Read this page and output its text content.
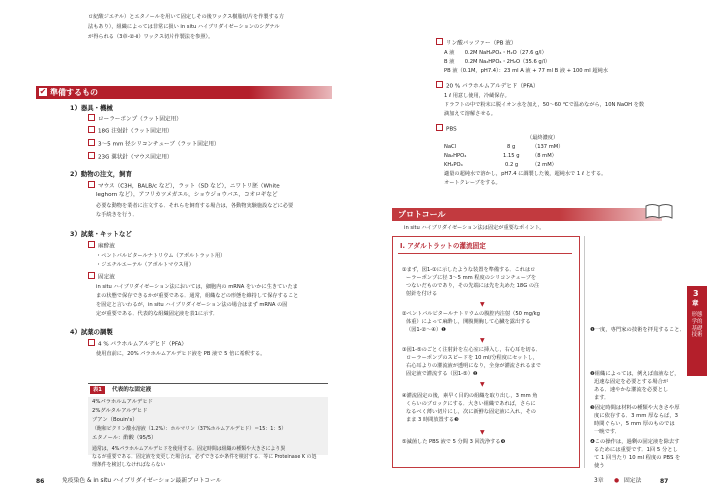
ロ紀酸ジエチル）とエタノールを用いて固定しその後ワックス樹脂切片を作製する方
法もあり），組織によっては非常に扱い in situ ハイブリダイゼーションのシグナル
が得られる（3章-②-ⅱ）ワックス切片作製法を参照）。
✔ 準備するもの
1）器具・機械
ローラーポンプ（ラット固定用）
18G 注射針（ラット固定用）
3～5 mm 径シリコンチューブ（ラット固定用）
23G 翼状針（マウス固定用）
2）動物の注文，飼育
マウス（C3H，BALB/c など），ラット（SD など），ニワトリ胚（White
leghorn など），アフリカツメガエル，ショウジョウバエ，コオロギなど
必要な動物を業者に注文する．それらを飼育する場合は，各動物実験施設などに必要
な手続きを行う．
3）試薬・キットなど
麻酔液
・ペントバルビタールナトリウム（アボルトラット用）
・ジエチルエーテル（アボルトマウス用）
固定液
in situ ハイブリダイゼーション法においては，細胞内の mRNA をいかに生きていたま
まの状態で保存できるかが重要である．通常，組織などの形態を維持して保存すること
を固定と言いわるが，in situ ハイブリダイゼーション法の場合はまず mRNA の固
定が重要である．代表的な組織固定液を表1に示す．
4）試薬の調製
4 % パラホルムアルデヒド（PFA）
使用直前に，20% パラホルムアルデヒド液を PB 液で 5 倍に希釈する。
表1	代表的な固定液
4%パラホルムアルデヒド
2%グルタルアルデヒド
ブアン（Bouin's）
（飽和ピクリン酸水溶液（1.2%）：ホルマリン（37%ホルムアルデヒド）＝15：1：5）
エタノール：酢酸（95/5）
通常は，4%パラホルムアルデヒドを使用する．固定時間は組織の種類や大きさにより異
なるが重要である．固定液を変更した場合は，必ずできるか条件を検討する．等に Proteinase K の処
理条件を検討しなければならない
86	免疫染色 & in situ ハイブリダイゼーション最新プロトコール
リン酸バッファー（PB 液）
A 液　　0.2M NaH₂PO₄・H₂O（27.6 g/l）
B 液　　0.2M Na₂HPO₄・2H₂O（35.6 g/l）
PB 液（0.1M，pH7.4）：23 ml A 液 + 77 ml B 液 + 100 ml 超純水
20 % パラホルムアルデヒド（PFA）
1 ℓ 用意し使用，冷蔵保存。
ドラフトの中で粉末に脱イオン水を加え，50～60 ℃で温めながら，10N NaOH を数
滴加えて溶解させる。
PBS
（最終濃度）
NaCl	8 g	（137 mM）
Na₂HPO₄	1.15 g （8 mM）
KH₂PO₄	0.2 g	（2 mM）
適量の超純水で溶かし，pH7.4 に調製した後，超純水で 1 ℓ とする。
オートクレーブをする。
プロトコール
in situ ハイブリダイゼーション法は固定が重要なポイント。
Ⅰ. アダルトラットの灌流固定
①まず，図1-①に示したような装置を準備する．これはロ
ーラーポンプに径 3～5 mm 程度のシリコンチューブを
つないだものであり，その先端には先を丸めた 18G の注
射針を付ける
▼
②ペントバルビタールナトリウムの腹腔内注射（50 mg/kg
体重）によって麻酔し，開腹開胸して心臓を露出する
（図1-②～④）❶
▼
③図1-⑤のごとく注射針を左心室に挿入し，右心耳を切る．
ローラーポンプのスピードを 10 ml/分程度にセットし，
右心耳よりの灌流液が透明になり，全身が灌流されるまで
固定液で灌流する（図1-⑤）❷
▼
④灌流固定の後，素早く目的の組織を取り出し，3 mm 角
くらいのブロックにする．大きい組織であれば，さらに
なるべく薄い切片にし，次に新鮮な固定液に入れ，その
まま 3 時間放置する❸
▼
⑤滅菌した PBS 液で 5 分間 3 回洗浄する❹
❶一度，専門家の技術を拝見すること．
❷組織によっては，例えば血液など，
迅速な固定を必要とする場合が
ある．速やかな灌流を必要とし
ます．
❸固定時間は材料の種類や大きさや厚
度に依存する．3 mm 厚ならば，3
時間ぐらい，5 mm 厚のものでは
一晩です．
❹この操作は，過剰の固定液を除去す
るためには重要です．1回 5 分とし
て 1 回当たり 10 ml 程度の PBS を
使う
3
章
形態学的基礎技術
3章 ● 固定法	87
